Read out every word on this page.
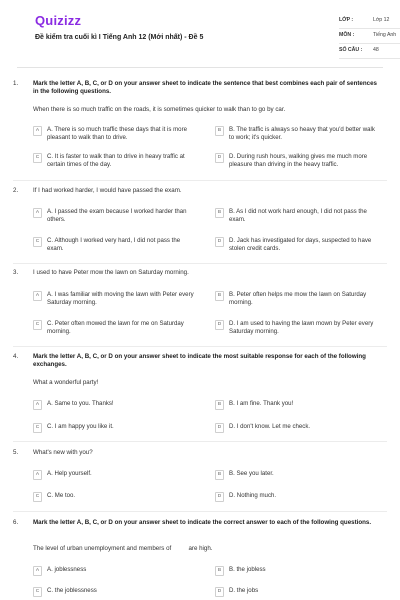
Quizizz
Đề kiểm tra cuối kì I Tiếng Anh 12 (Mới nhất) - Đề 5
LỚP :	Lớp 12
MÔN :	Tiếng Anh
SỐ CÂU :	48
1. Mark the letter A, B, C, or D on your answer sheet to indicate the sentence that best combines each pair of sentences in the following questions.
When there is so much traffic on the roads, it is sometimes quicker to walk than to go by car.
A	A. There is so much traffic these days that it is more pleasant to walk than to drive.
B	B. The traffic is always so heavy that you'd better walk to work; it's quicker.
C	C. It is faster to walk than to drive in heavy traffic at certain times of the day.
D	D. During rush hours, walking gives me much more pleasure than driving in the heavy traffic.
2. If I had worked harder, I would have passed the exam.
A	A. I passed the exam because I worked harder than others.
B	B. As I did not work hard enough, I did not pass the exam.
C	C. Although I worked very hard, I did not pass the exam.
D	D. Jack has investigated for days, suspected to have stolen credit cards.
3. I used to have Peter mow the lawn on Saturday morning.
A	A. I was familiar with moving the lawn with Peter every Saturday morning.
B	B. Peter often helps me mow the lawn on Saturday morning.
C	C. Peter often mowed the lawn for me on Saturday morning.
D	D. I am used to having the lawn mown by Peter every Saturday morning.
4. Mark the letter A, B, C, or D on your answer sheet to indicate the most suitable response for each of the following exchanges.
What a wonderful party!
A	A. Same to you. Thanks!	B	B. I am fine. Thank you!
C	C. I am happy you like it.	D	D. I don't know. Let me check.
5. What's new with you?
A	A. Help yourself.	B	B. See you later.
C	C. Me too.	D	D. Nothing much.
6. Mark the letter A, B, C, or D on your answer sheet to indicate the correct answer to each of the following questions.
The level of urban unemployment and members of          are high.
A	A. joblessness	B	B. the jobless
C	C. the joblessness	D	D. the jobs
